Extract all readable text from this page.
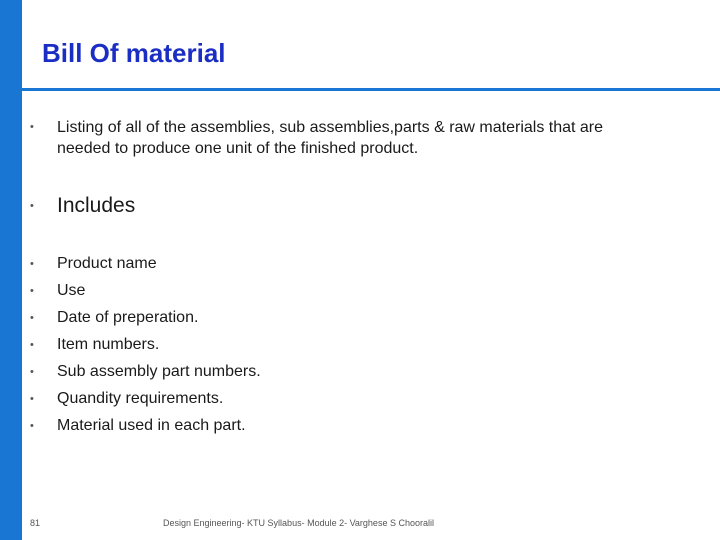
Bill Of material
•	Listing of all of the assemblies, sub assemblies,parts & raw materials that are
needed to produce one unit of the finished product.
•	Includes
•	Product name
•	Use
•	Date of preperation.
•	Item numbers.
•	Sub assembly part numbers.
•	Quandity requirements.
•	Material used in each part.
81	Design Engineering- KTU Syllabus- Module 2- Varghese S Chooralil
